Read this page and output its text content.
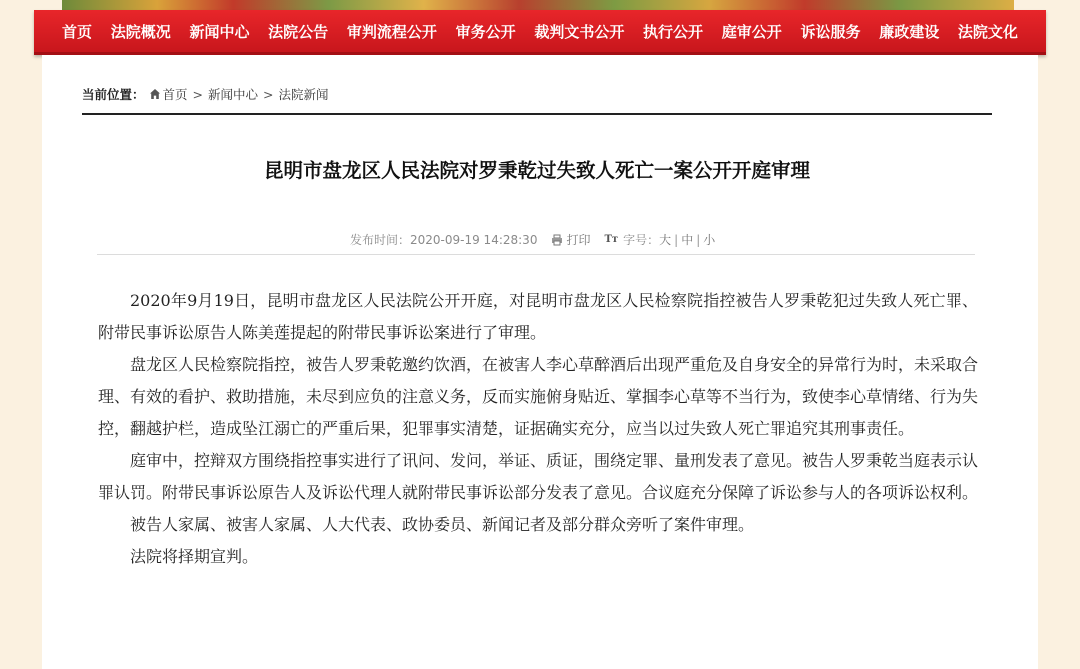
首页 法院概况 新闻中心 法院公告 审判流程公开 审务公开 裁判文书公开 执行公开 庭审公开 诉讼服务 廉政建设 法院文化
当前位置： 首页 > 新闻中心 > 法院新闻
昆明市盘龙区人民法院对罗秉乾过失致人死亡一案公开开庭审理
发布时间：2020-09-19 14:28:30 打印 Tт 字号： 大 | 中 | 小

2020年9月19日，昆明市盘龙区人民法院公开开庭，对昆明市盘龙区人民检察院指控被告人罗秉乾犯过失致人死亡罪、附带民事诉讼原告人陈美莲提起的附带民事诉讼案进行了审理。

盘龙区人民检察院指控，被告人罗秉乾邀约饮酒，在被害人李心草醉酒后出现严重危及自身安全的异常行为时，未采取合理、有效的看护、救助措施，未尽到应负的注意义务，反而实施俯身贴近、掌掴李心草等不当行为，致使李心草情绪、行为失控，翻越护栏，造成坠江溺亡的严重后果，犯罪事实清楚，证据确实充分，应当以过失致人死亡罪追究其刑事责任。

庭审中，控辩双方围绕指控事实进行了讯问、发问，举证、质证，围绕定罪、量刑发表了意见。被告人罗秉乾当庭表示认罪认罚。附带民事诉讼原告人及诉讼代理人就附带民事诉讼部分发表了意见。合议庭充分保障了诉讼参与人的各项诉讼权利。

被告人家属、被害人家属、人大代表、政协委员、新闻记者及部分群众旁听了案件审理。

法院将择期宣判。
